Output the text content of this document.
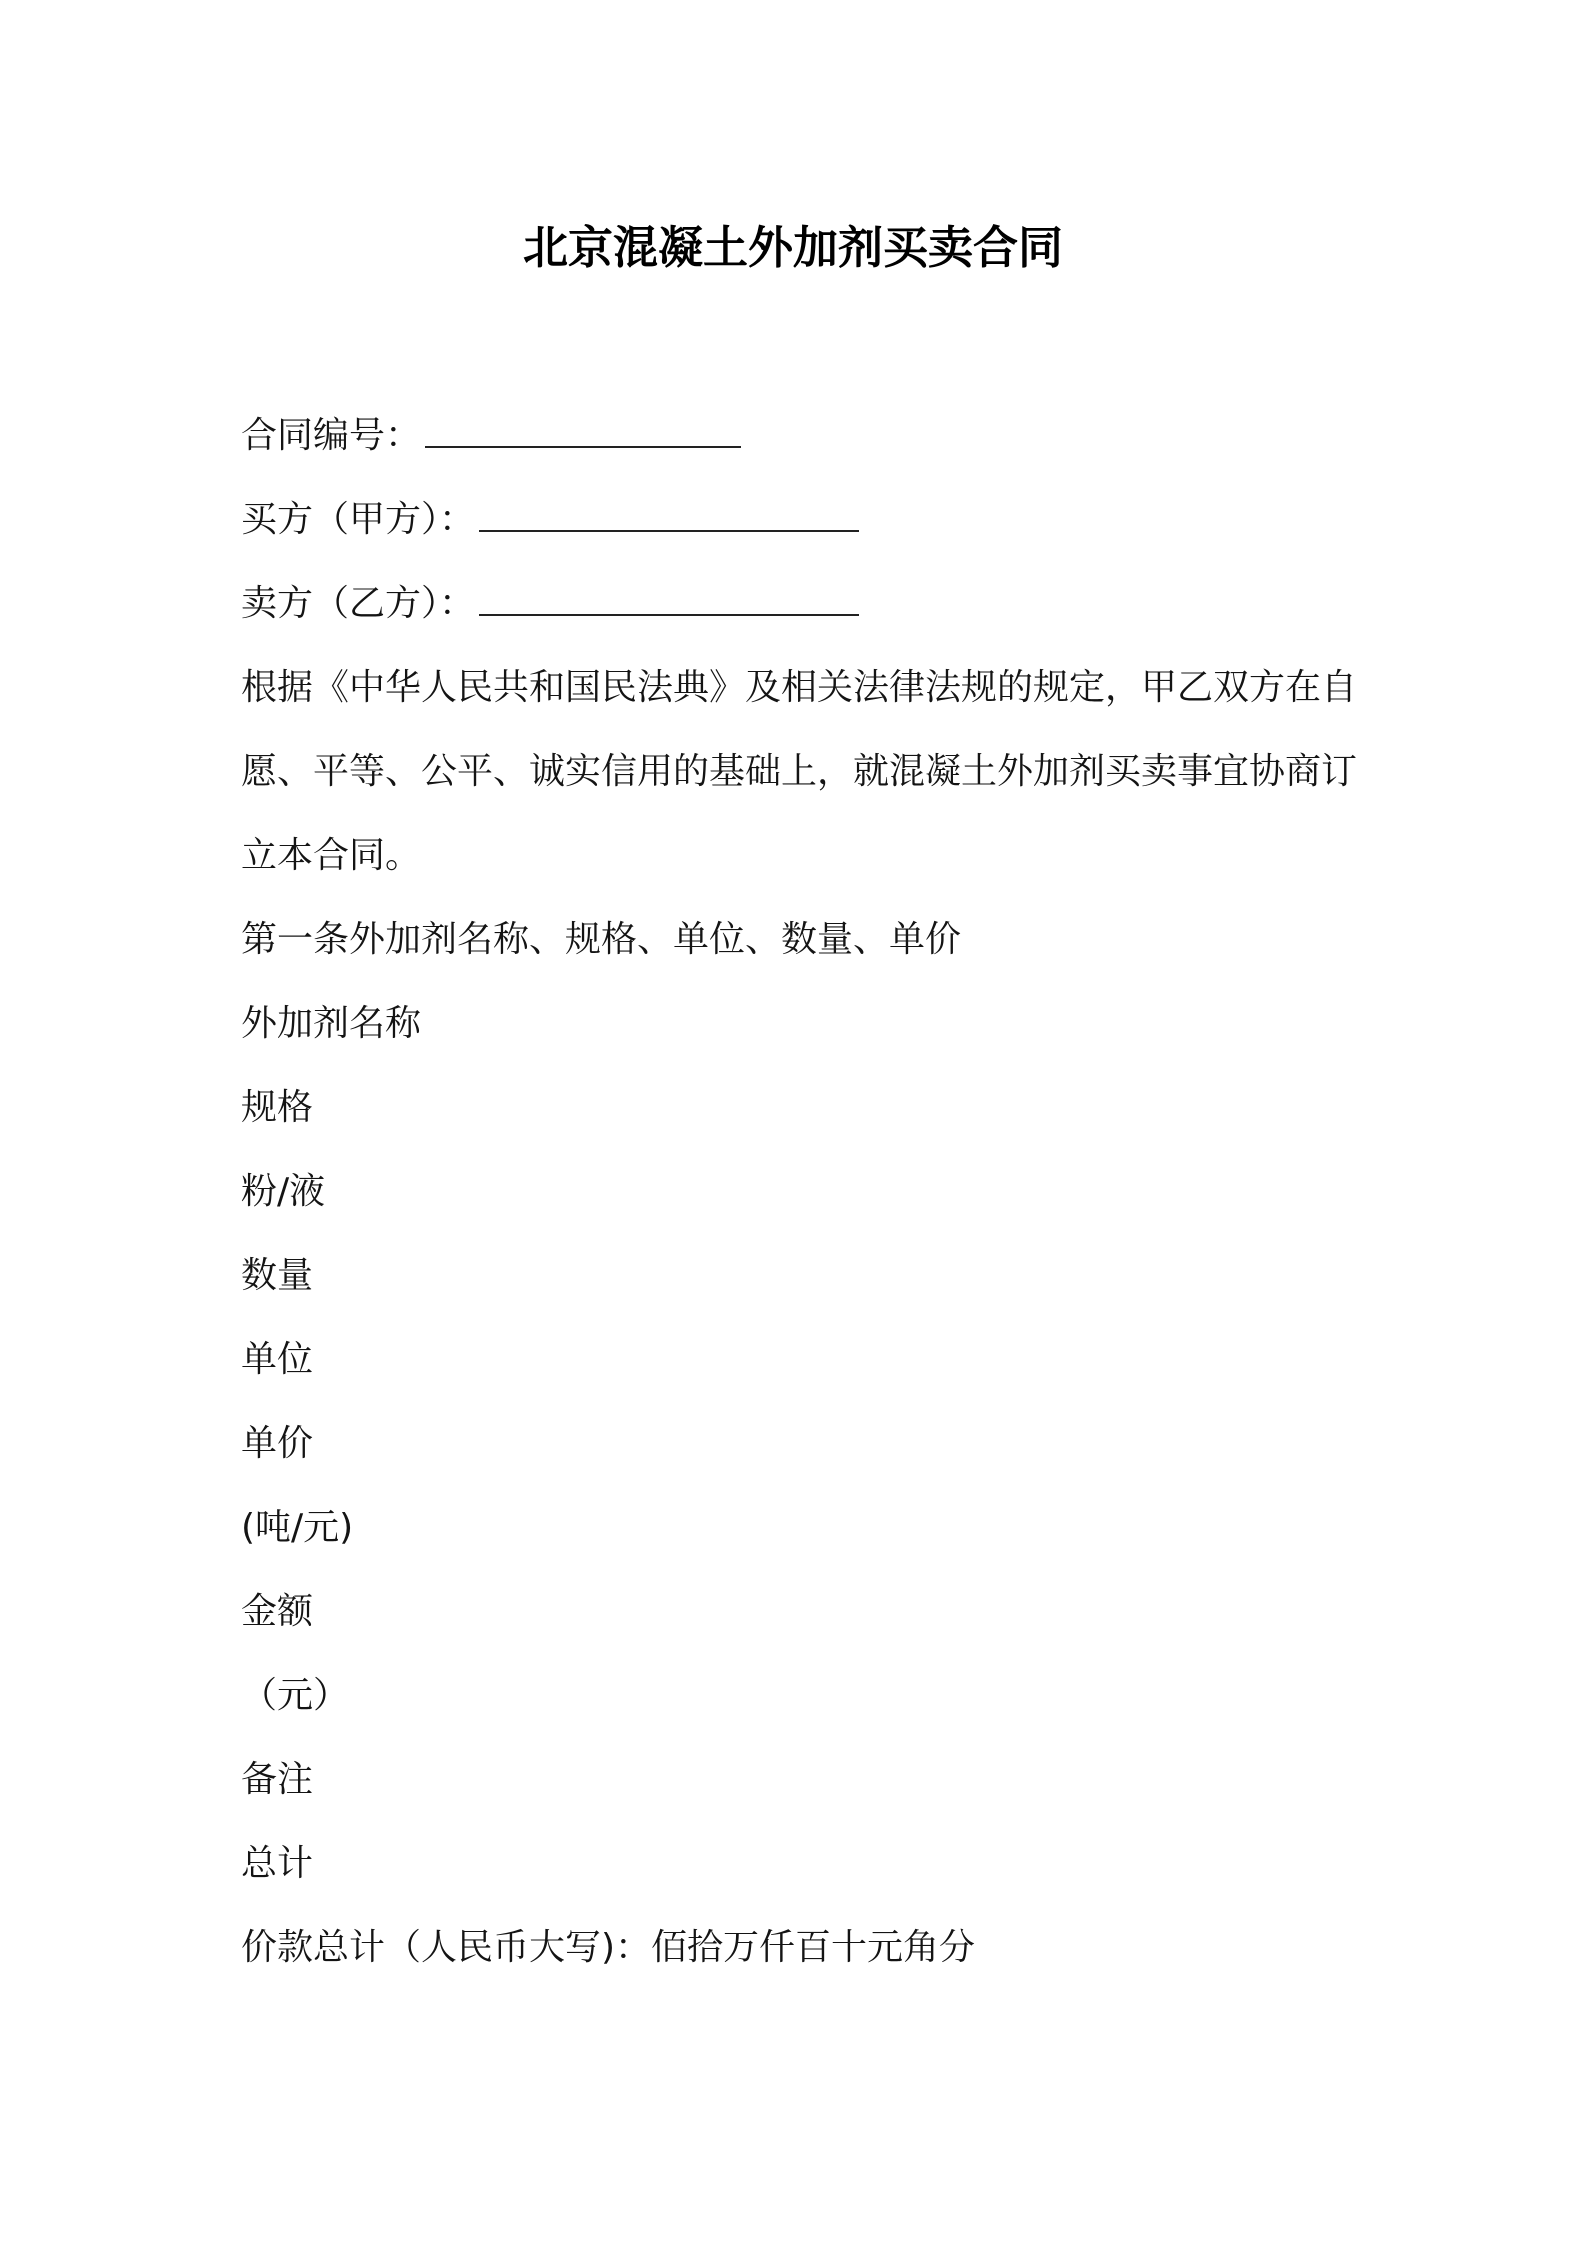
北京混凝土外加剂买卖合同
合同编号：
买方（甲方）：
卖方（乙方）：

根据《中华人民共和国民法典》及相关法律法规的规定，甲乙双方在自愿、平等、公平、诚实信用的基础上，就混凝土外加剂买卖事宜协商订立本合同。

第一条外加剂名称、规格、单位、数量、单价
外加剂名称
规格
粉/液
数量
单位
单价
(吨/元)
金额
（元）
备注
总计
价款总计（人民币大写)：佰拾万仟百十元角分
